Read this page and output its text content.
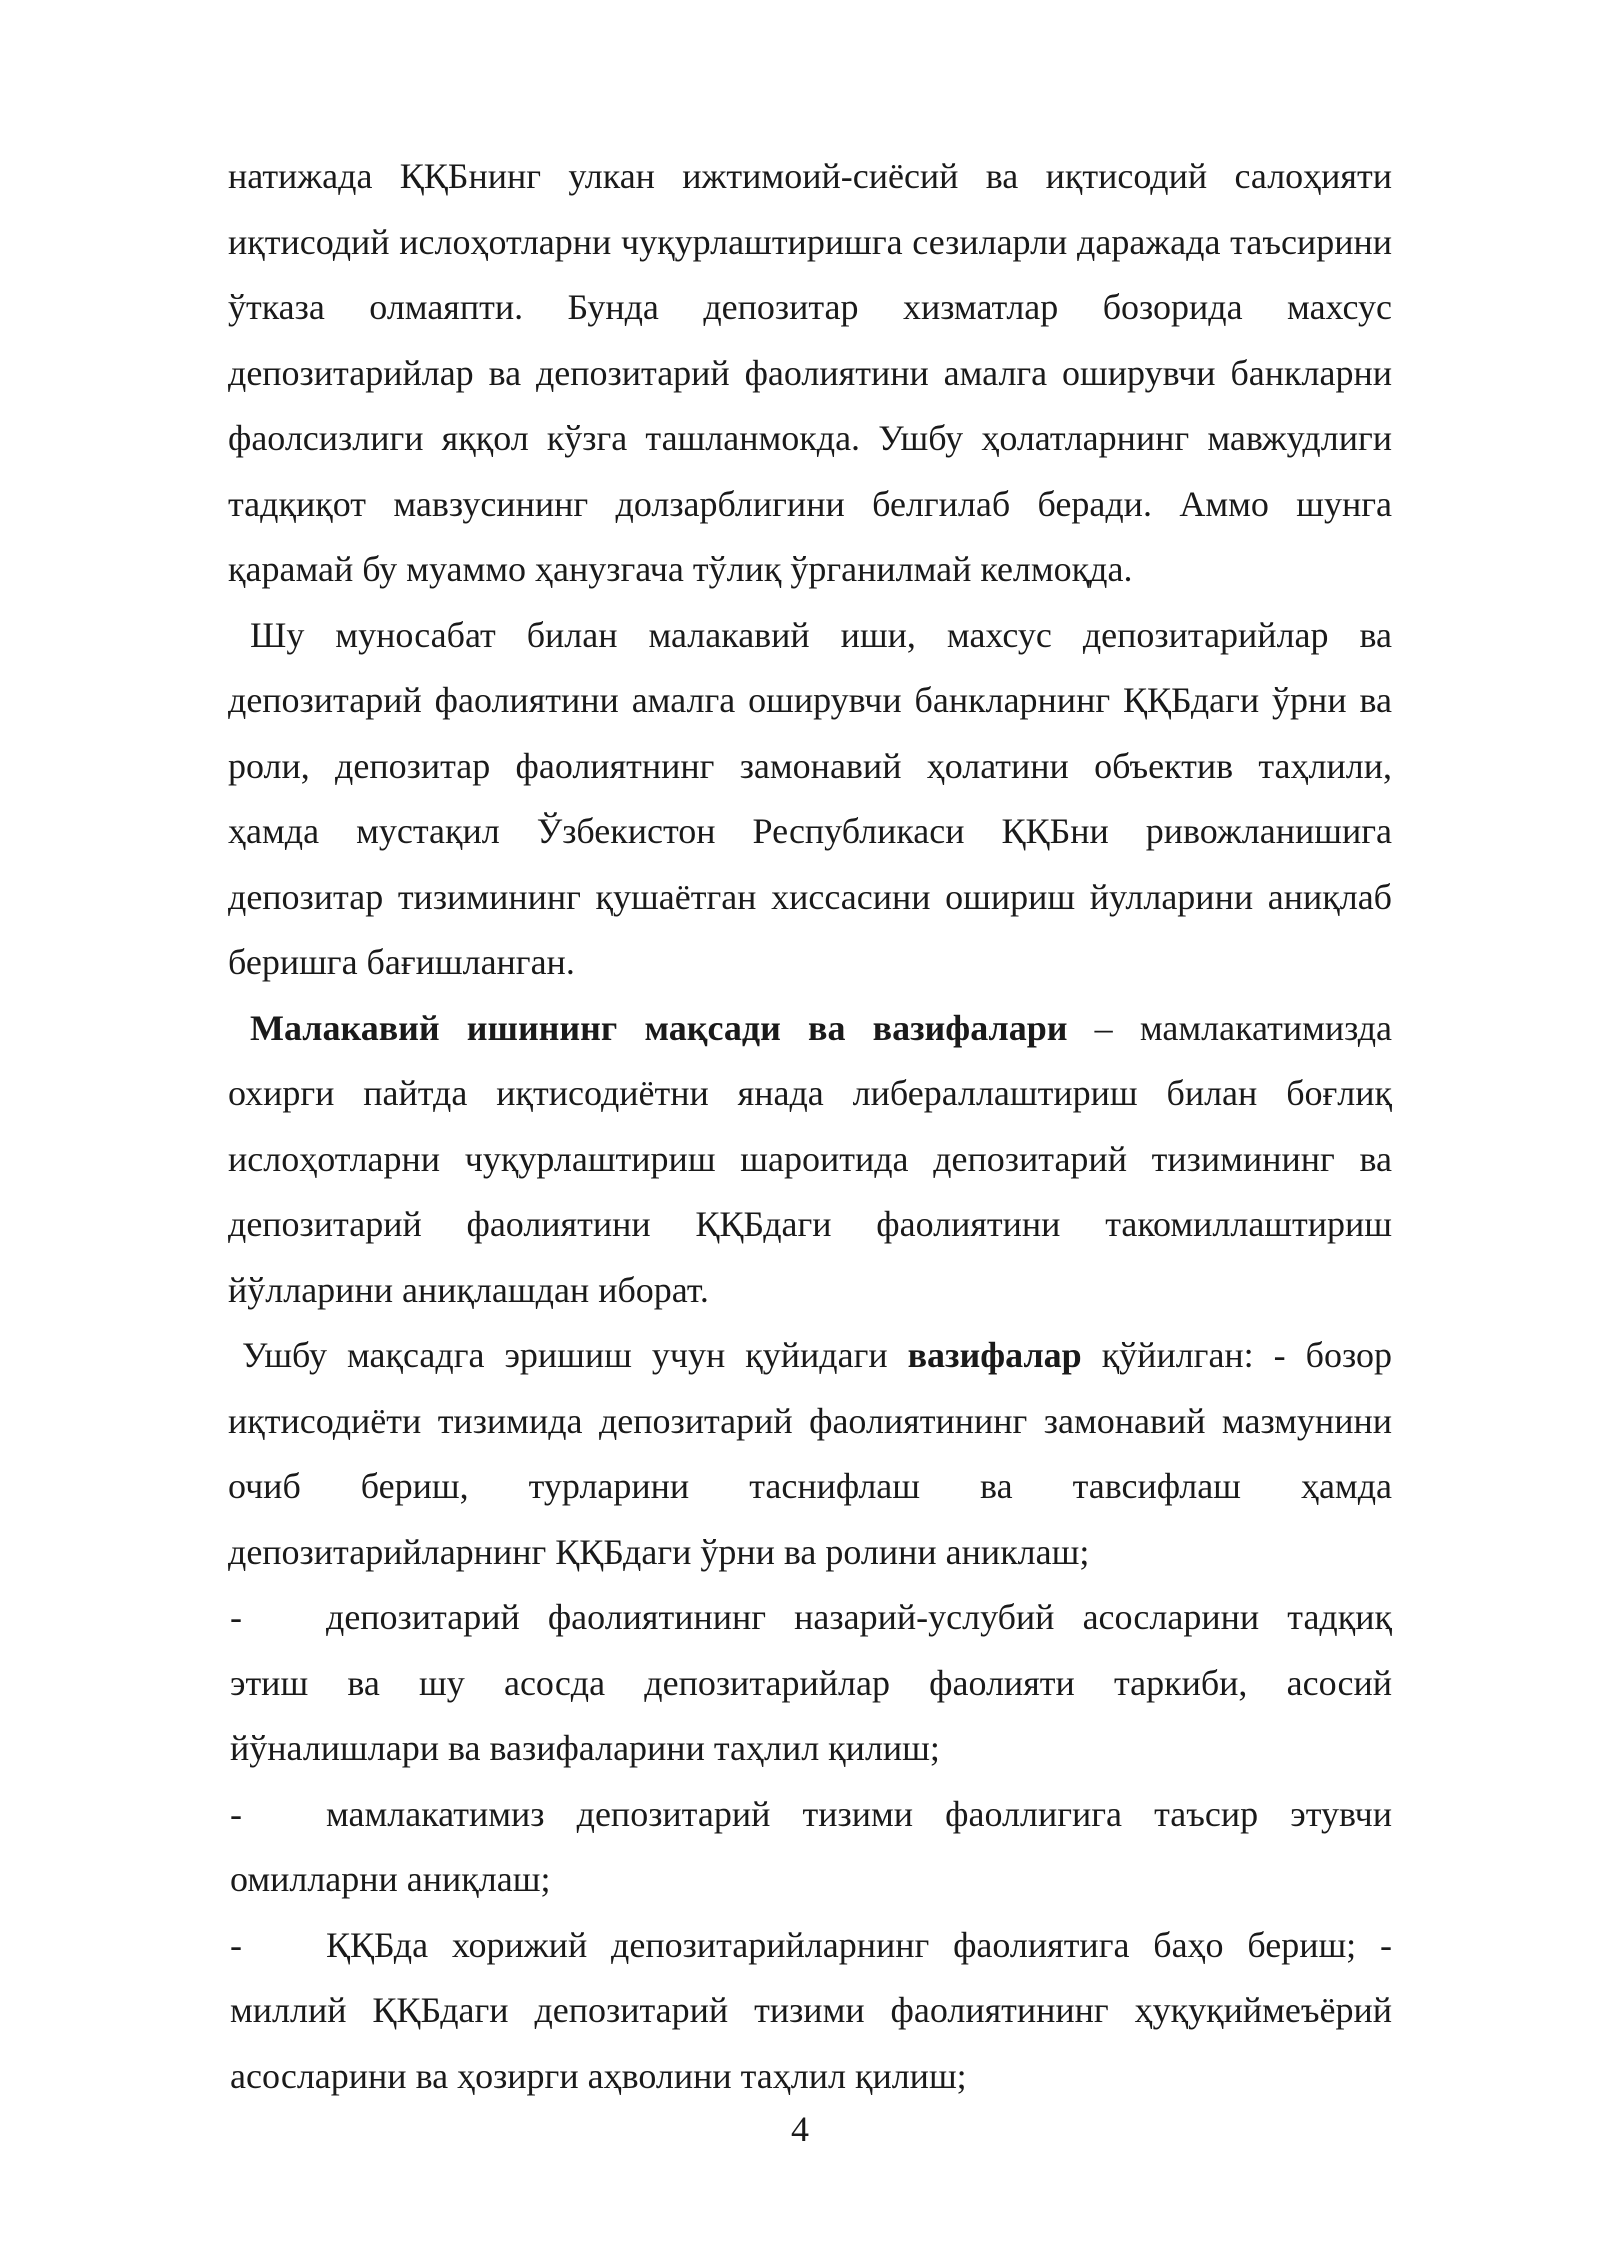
натижада ҚҚБнинг улкан ижтимоий-сиёсий ва иқтисодий салоҳияти иқтисодий ислоҳотларни чуқурлаштиришга сезиларли даражада таъсирини ўтказа олмаяпти. Бунда депозитар хизматлар бозорида махсус депозитарийлар ва депозитарий фаолиятини амалга оширувчи банкларни фаолсизлиги яққол кўзга ташланмокда. Ушбу ҳолатларнинг мавжудлиги тадқиқот мавзусининг долзарблигини белгилаб беради. Аммо шунга қарамай бу муаммо ҳанузгача тўлиқ ўрганилмай келмоқда.

Шу муносабат билан малакавий иши, махсус депозитарийлар ва депозитарий фаолиятини амалга оширувчи банкларнинг ҚҚБдаги ўрни ва роли, депозитар фаолиятнинг замонавий ҳолатини объектив таҳлили, ҳамда мустақил Ўзбекистон Республикаси ҚҚБни ривожланишига депозитар тизимининг қушаётган хиссасини ошириш йулларини аниқлаб беришга бағишланган.

Малакавий ишининг мақсади ва вазифалари – мамлакатимизда охирги пайтда иқтисодиётни янада либераллаштириш билан боғлиқ ислоҳотларни чуқурлаштириш шароитида депозитарий тизимининг ва депозитарий фаолиятини ҚҚБдаги фаолиятини такомиллаштириш йўлларини аниқлашдан иборат.

Ушбу мақсадга эришиш учун қуйидаги вазифалар қўйилган: - бозор иқтисодиёти тизимида депозитарий фаолиятининг замонавий мазмунини очиб бериш, турларини таснифлаш ва тавсифлаш ҳамда депозитарийларнинг ҚҚБдаги ўрни ва ролини аниклаш;

- депозитарий фаолиятининг назарий-услубий асосларини тадқиқ этиш ва шу асосда депозитарийлар фаолияти таркиби, асосий йўналишлари ва вазифаларини таҳлил қилиш;

- мамлакатимиз депозитарий тизими фаоллигига таъсир этувчи омилларни аниқлаш;

- ҚҚБда хорижий депозитарийларнинг фаолиятига баҳо бериш; - миллий ҚҚБдаги депозитарий тизими фаолиятининг ҳуқуқиймеъёрий асосларини ва ҳозирги аҳволини таҳлил қилиш;

4
